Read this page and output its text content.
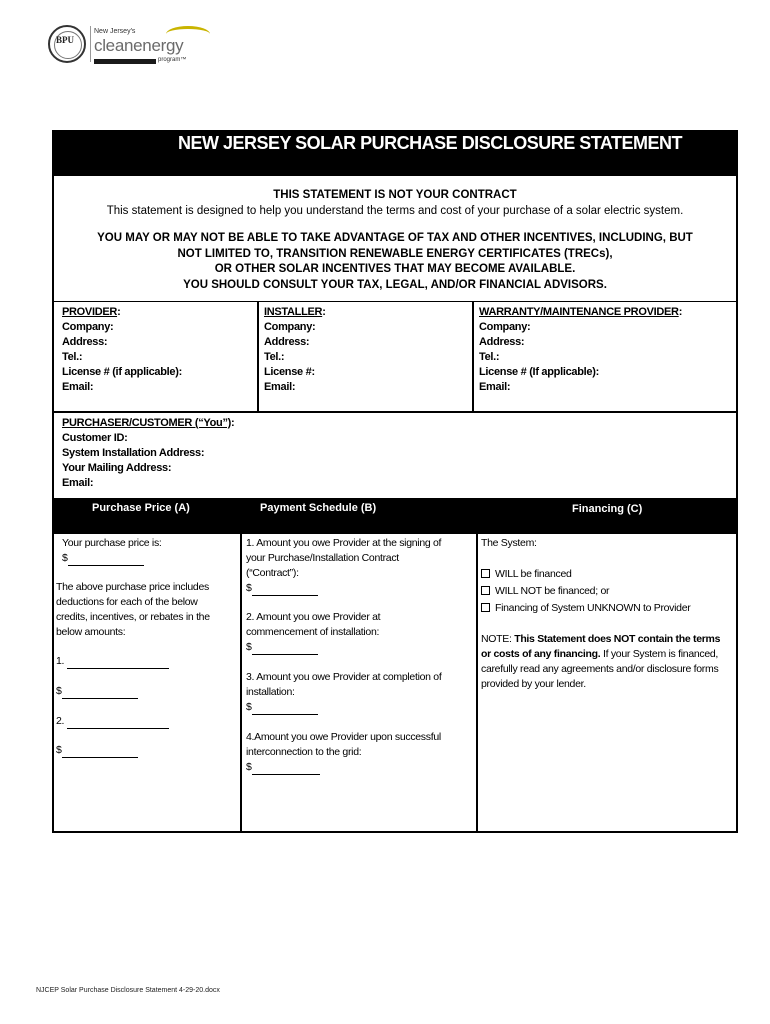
BPU
New Jersey's
cleanenergy
program™
NEW JERSEY SOLAR PURCHASE DISCLOSURE STATEMENT
THIS STATEMENT IS NOT YOUR CONTRACT
This statement is designed to help you understand the terms and cost of your purchase of a solar electric system.
YOU MAY OR MAY NOT BE ABLE TO TAKE ADVANTAGE OF TAX AND OTHER INCENTIVES, INCLUDING, BUT
NOT LIMITED TO, TRANSITION RENEWABLE ENERGY CERTIFICATES (TRECs),
OR OTHER SOLAR INCENTIVES THAT MAY BECOME AVAILABLE.
YOU SHOULD CONSULT YOUR TAX, LEGAL, AND/OR FINANCIAL ADVISORS.
PROVIDER:
Company:
Address:
Tel.:
License # (if applicable):
Email:
INSTALLER:
Company:
Address:
Tel.:
License #:
Email:
WARRANTY/MAINTENANCE PROVIDER:
Company:
Address:
Tel.:
License # (If applicable):
Email:
PURCHASER/CUSTOMER (“You”):
Customer ID:
System Installation Address:
Your Mailing Address:
Email:
Purchase Price (A)	Payment Schedule (B)	Financing (C)
Your purchase price is:
$
The above purchase price includes
deductions for each of the below
credits, incentives, or rebates in the
below amounts:
1.
$
2.
$
1. Amount you owe Provider at the signing of
your Purchase/Installation Contract
(“Contract”):
$
2. Amount you owe Provider at
commencement of installation:
$
3. Amount you owe Provider at completion of
installation:
$
4.Amount you owe Provider upon successful
interconnection to the grid:
$
The System:
WILL be financed
WILL NOT be financed; or
Financing of System UNKNOWN to Provider
NOTE: This Statement does NOT contain the terms
or costs of any financing. If your System is financed,
carefully read any agreements and/or disclosure forms
provided by your lender.
NJCEP Solar Purchase Disclosure Statement 4-29-20.docx
